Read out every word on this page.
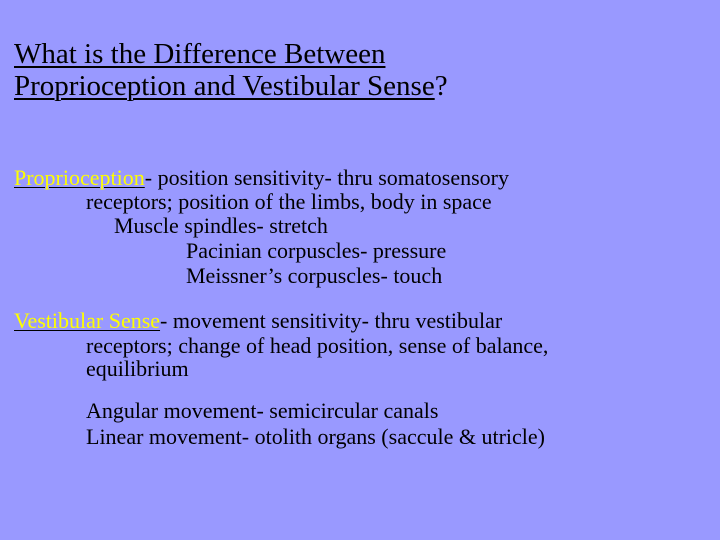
What is the Difference Between
Proprioception and Vestibular Sense?

Proprioception- position sensitivity- thru somatosensory

receptors; position of the limbs, body in space

Muscle spindles- stretch

Pacinian corpuscles- pressure

Meissner’s corpuscles- touch

Vestibular Sense- movement sensitivity- thru vestibular

receptors; change of head position, sense of balance,

equilibrium

Angular movement- semicircular canals

Linear movement- otolith organs (saccule & utricle)
